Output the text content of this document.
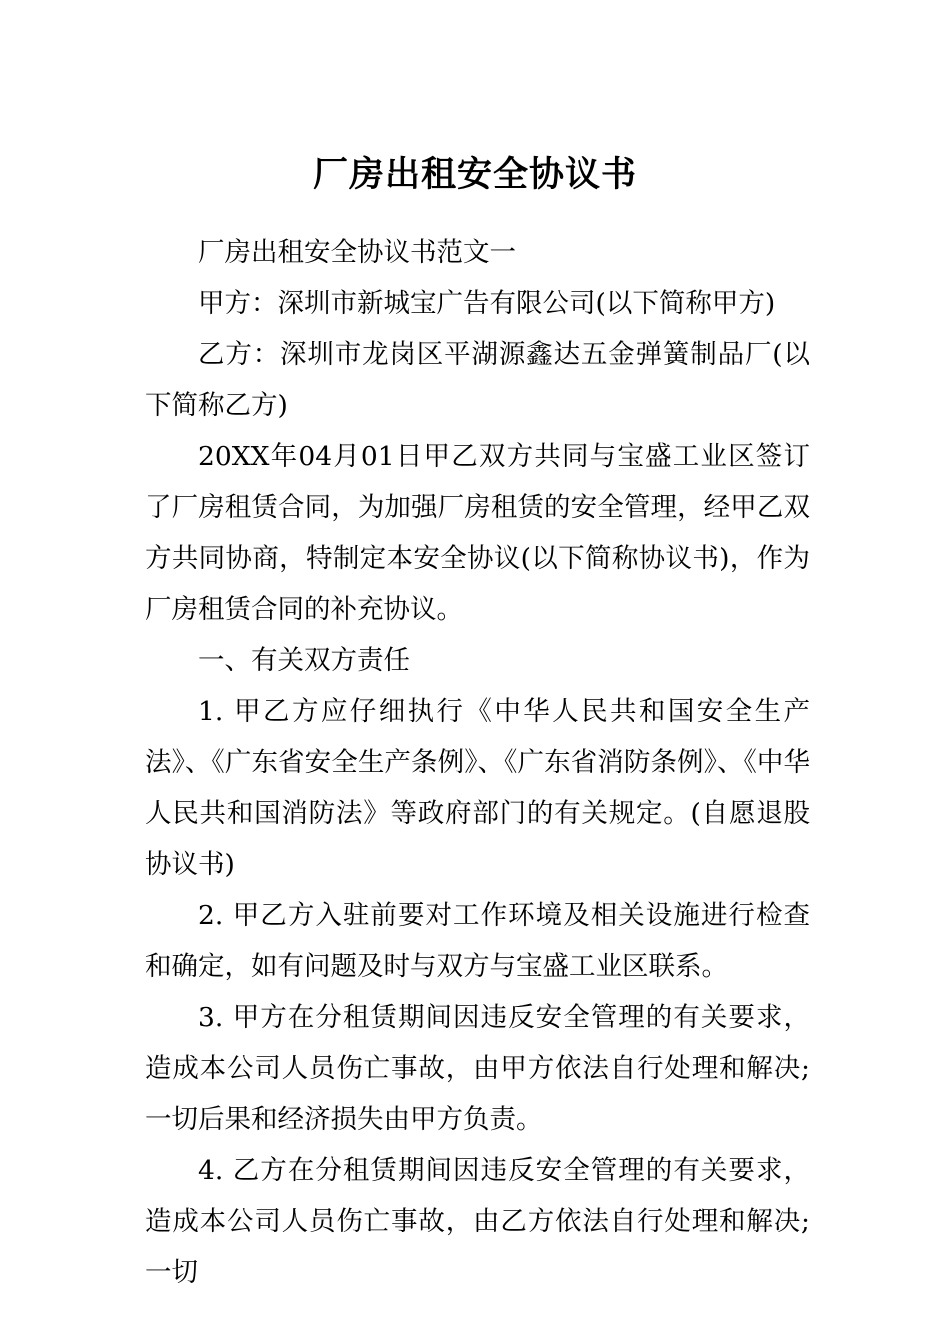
厂房出租安全协议书

厂房出租安全协议书范文一

甲方：深圳市新城宝广告有限公司(以下简称甲方)

乙方：深圳市龙岗区平湖源鑫达五金弹簧制品厂(以下简称乙方)

20XX年04月01日甲乙双方共同与宝盛工业区签订了厂房租赁合同，为加强厂房租赁的安全管理，经甲乙双方共同协商，特制定本安全协议(以下简称协议书)，作为厂房租赁合同的补充协议。

一、有关双方责任

1. 甲乙方应仔细执行《中华人民共和国安全生产法》、《广东省安全生产条例》、《广东省消防条例》、《中华人民共和国消防法》等政府部门的有关规定。(自愿退股协议书)

2. 甲乙方入驻前要对工作环境及相关设施进行检查和确定，如有问题及时与双方与宝盛工业区联系。

3. 甲方在分租赁期间因违反安全管理的有关要求，造成本公司人员伤亡事故，由甲方依法自行处理和解决;一切后果和经济损失由甲方负责。

4. 乙方在分租赁期间因违反安全管理的有关要求，造成本公司人员伤亡事故，由乙方依法自行处理和解决;一切
